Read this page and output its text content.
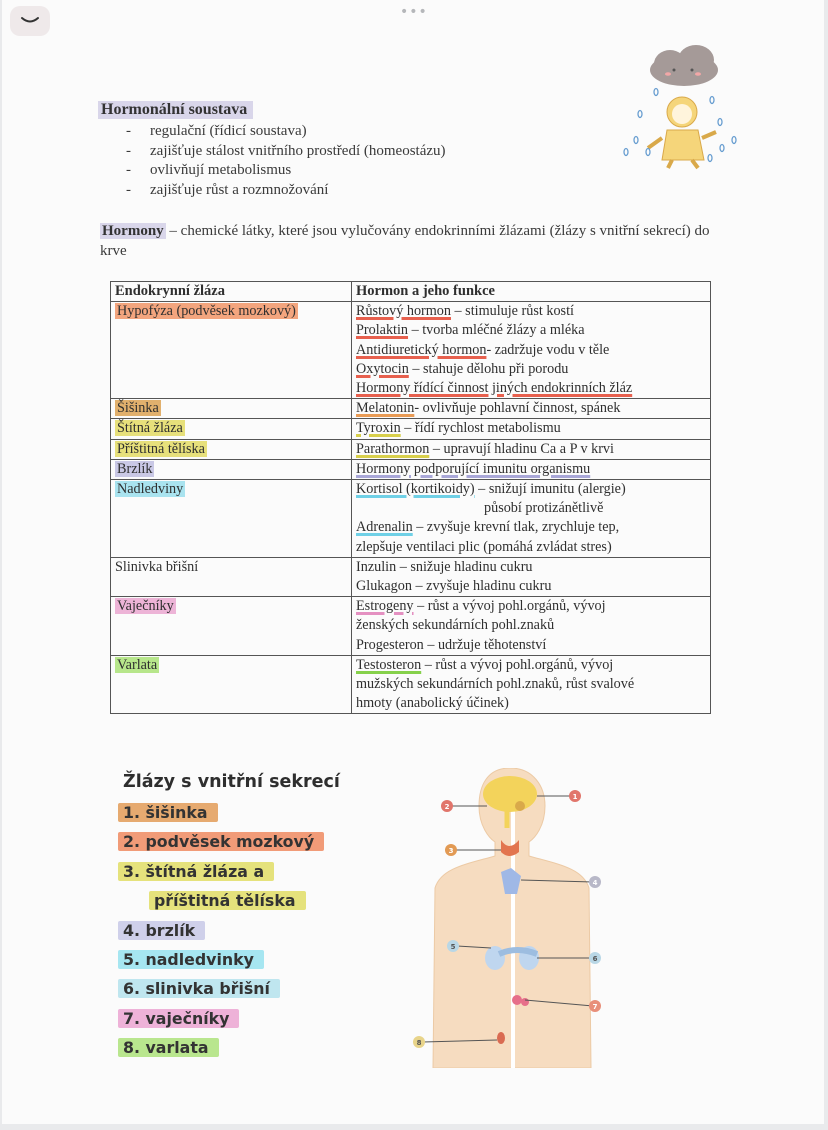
•••
Hormonální soustava
- regulační (řídicí soustava)
- zajišťuje stálost vnitřního prostředí (homeostázu)
- ovlivňují metabolismus
- zajišťuje růst a rozmnožování
Hormony – chemické látky, které jsou vylučovány endokrinními žlázami (žlázy s vnitřní sekrecí) do krve
Endokrynní žláza	Hormon a jeho funkce
Hypofýza (podvěsek mozkový)	Růstový hormon – stimuluje růst kostí
Prolaktin – tvorba mléčné žlázy a mléka
Antidiuretický hormon- zadržuje vodu v těle
Oxytocin – stahuje dělohu při porodu
Hormony řídící činnost jiných endokrinních žláz

Šišinka	Melatonin- ovlivňuje pohlavní činnost, spánek

Štítná žláza	Tyroxin – řídí rychlost metabolismu

Příštitná tělíska	Parathormon – upravují hladinu Ca a P v krvi

Brzlík	Hormony podporující imunitu organismu

Nadledviny	Kortisol (kortikoidy) – snižují imunitu (alergie)
působí protizánětlivě
Adrenalin – zvyšuje krevní tlak, zrychluje tep,
zlepšuje ventilaci plic (pomáhá zvládat stres)

Slinivka břišní	Inzulin – snižuje hladinu cukru
Glukagon – zvyšuje hladinu cukru

Vaječníky	Estrogeny – růst a vývoj pohl.orgánů, vývoj
ženských sekundárních pohl.znaků
Progesteron – udržuje těhotenství

Varlata	Testosteron – růst a vývoj pohl.orgánů, vývoj
mužských sekundárních pohl.znaků, růst svalové
hmoty (anabolický účinek)
Žlázy s vnitřní sekrecí
1. šišinka
2. podvěsek mozkový
3. štítná žláza a
příštitná tělíska
4. brzlík
5. nadledvinky
6. slinivka břišní
7. vaječníky
8. varlata
1
2
3
4
5
6
7
8
